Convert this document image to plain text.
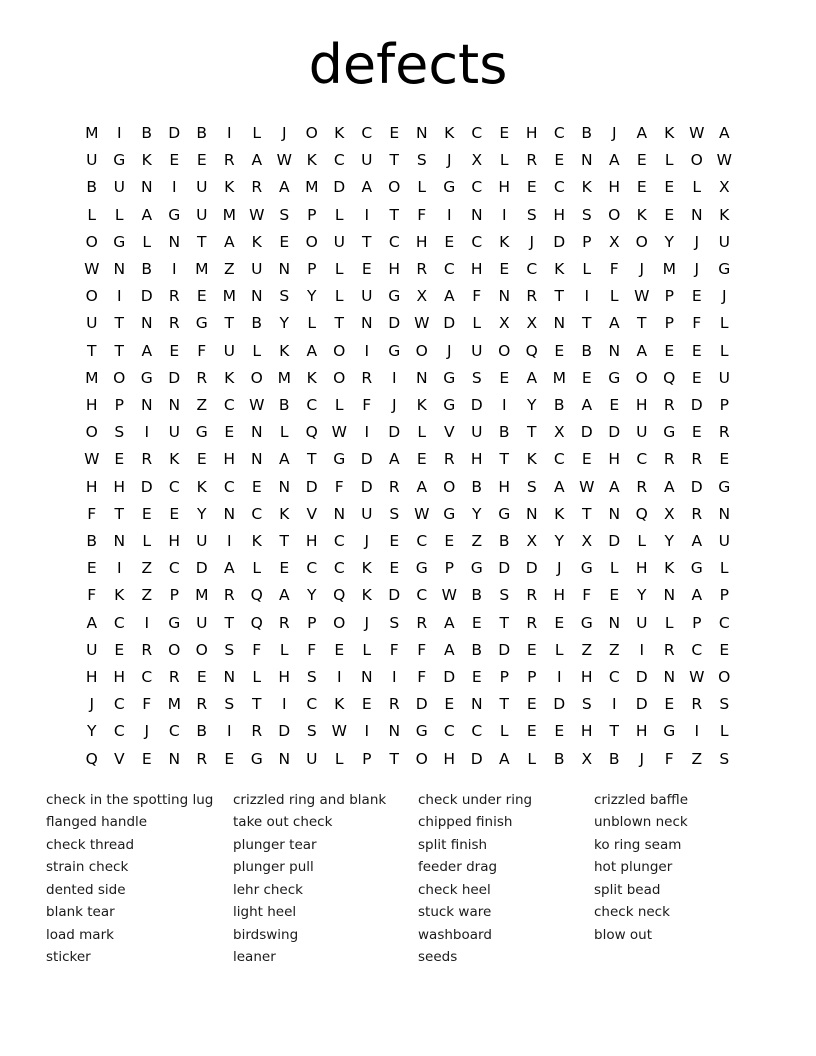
defects
M	I	B	D	B	I	L	J	O	K	C	E	N	K	C	E	H	C	B	J	A	K	W	A
U	G	K	E	E	R	A	W	K	C	U	T	S	J	X	L	R	E	N	A	E	L	O	W
B	U	N	I	U	K	R	A	M	D	A	O	L	G	C	H	E	C	K	H	E	E	L	X
L	L	A	G	U	M	W	S	P	L	I	T	F	I	N	I	S	H	S	O	K	E	N	K
O	G	L	N	T	A	K	E	O	U	T	C	H	E	C	K	J	D	P	X	O	Y	J	U
W	N	B	I	M	Z	U	N	P	L	E	H	R	C	H	E	C	K	L	F	J	M	J	G
O	I	D	R	E	M	N	S	Y	L	U	G	X	A	F	N	R	T	I	L	W	P	E	J
U	T	N	R	G	T	B	Y	L	T	N	D	W	D	L	X	X	N	T	A	T	P	F	L
T	T	A	E	F	U	L	K	A	O	I	G	O	J	U	O	Q	E	B	N	A	E	E	L
M	O	G	D	R	K	O	M	K	O	R	I	N	G	S	E	A	M	E	G	O	Q	E	U
H	P	N	N	Z	C	W	B	C	L	F	J	K	G	D	I	Y	B	A	E	H	R	D	P
O	S	I	U	G	E	N	L	Q	W	I	D	L	V	U	B	T	X	D	D	U	G	E	R
W	E	R	K	E	H	N	A	T	G	D	A	E	R	H	T	K	C	E	H	C	R	R	E
H	H	D	C	K	C	E	N	D	F	D	R	A	O	B	H	S	A	W	A	R	A	D	G
F	T	E	E	Y	N	C	K	V	N	U	S	W	G	Y	G	N	K	T	N	Q	X	R	N
B	N	L	H	U	I	K	T	H	C	J	E	C	E	Z	B	X	Y	X	D	L	Y	A	U
E	I	Z	C	D	A	L	E	C	C	K	E	G	P	G	D	D	J	G	L	H	K	G	L
F	K	Z	P	M	R	Q	A	Y	Q	K	D	C	W	B	S	R	H	F	E	Y	N	A	P
A	C	I	G	U	T	Q	R	P	O	J	S	R	A	E	T	R	E	G	N	U	L	P	C
U	E	R	O	O	S	F	L	F	E	L	F	F	A	B	D	E	L	Z	Z	I	R	C	E
H	H	C	R	E	N	L	H	S	I	N	I	F	D	E	P	P	I	H	C	D	N	W	O
J	C	F	M	R	S	T	I	C	K	E	R	D	E	N	T	E	D	S	I	D	E	R	S
Y	C	J	C	B	I	R	D	S	W	I	N	G	C	C	L	E	E	H	T	H	G	I	L
Q	V	E	N	R	E	G	N	U	L	P	T	O	H	D	A	L	B	X	B	J	F	Z	S
check in the spotting lug
flanged handle
check thread
strain check
dented side
blank tear
load mark
sticker
crizzled ring and blank
take out check
plunger tear
plunger pull
lehr check
light heel
birdswing
leaner
check under ring
chipped finish
split finish
feeder drag
check heel
stuck ware
washboard
seeds
crizzled baffle
unblown neck
ko ring seam
hot plunger
split bead
check neck
blow out
